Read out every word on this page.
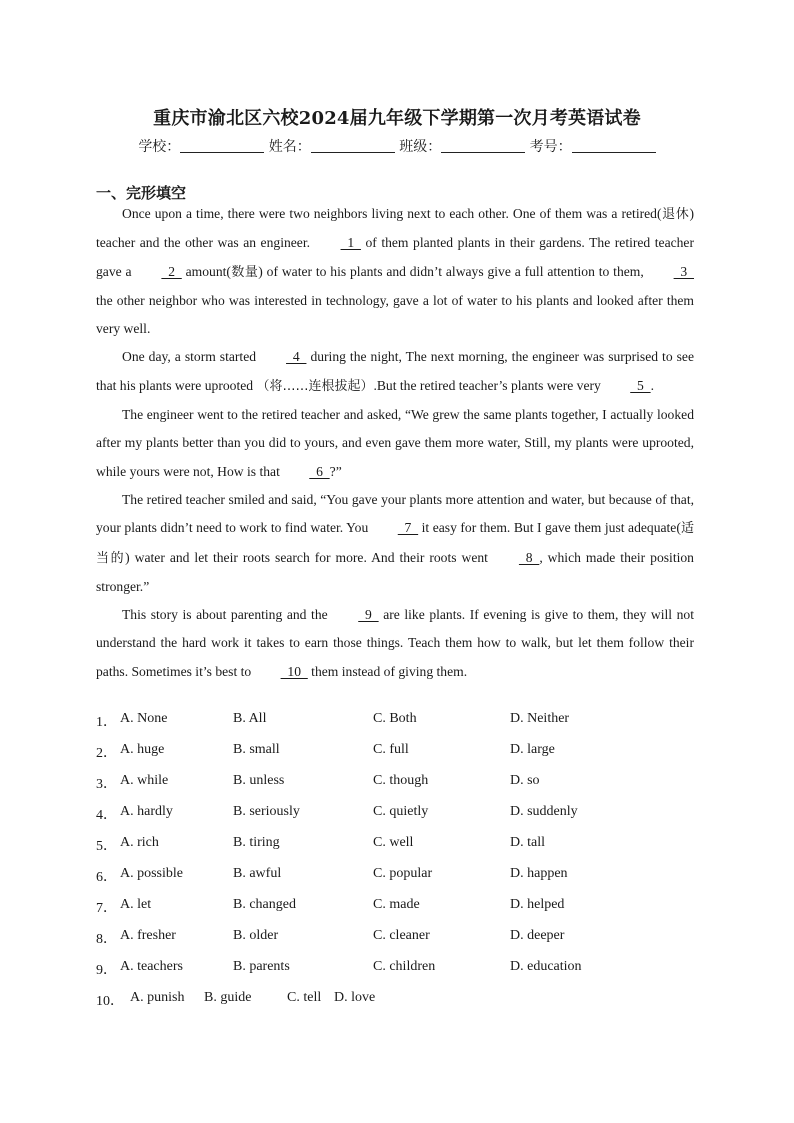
重庆市渝北区六校2024届九年级下学期第一次月考英语试卷
学校：	姓名：	班级：	考号：
一、完形填空

Once upon a time, there were two neighbors living next to each other. One of them was a retired(退休) teacher and the other was an engineer.   1   of them planted plants in their gardens. The retired teacher gave a   2   amount(数量) of water to his plants and didn’t always give a full attention to them,   3   the other neighbor who was interested in technology, gave a lot of water to his plants and looked after them very well.

One day, a storm started   4   during the night, The next morning, the engineer was surprised to see that his plants were uprooted （将……连根拔起）.But the retired teacher’s plants were very   5  .

The engineer went to the retired teacher and asked, “We grew the same plants together, I actually looked after my plants better than you did to yours, and even gave them more water, Still, my plants were uprooted, while yours were not, How is that   6  ?”

The retired teacher smiled and said, “You gave your plants more attention and water, but because of that, your plants didn’t need to work to find water. You   7   it easy for them. But I gave them just adequate(适当的) water and let their roots search for more. And their roots went   8  , which made their position stronger.”

This story is about parenting and the   9   are like plants. If evening is give to them, they will not understand the hard work it takes to earn those things. Teach them how to walk, but let them follow their paths. Sometimes it’s best to   10   them instead of giving them.

1． A. None	B. All	C. Both	D. Neither
2． A. huge	B. small	C. full	D. large
3． A. while	B. unless	C. though	D. so
4． A. hardly	B. seriously	C. quietly	D. suddenly
5． A. rich	B. tiring	C. well	D. tall
6． A. possible	B. awful	C. popular	D. happen
7． A. let	B. changed	C. made	D. helped
8． A. fresher	B. older	C. cleaner	D. deeper
9． A. teachers	B. parents	C. children	D. education
10． A. punish B. guide	C. tell D. love
